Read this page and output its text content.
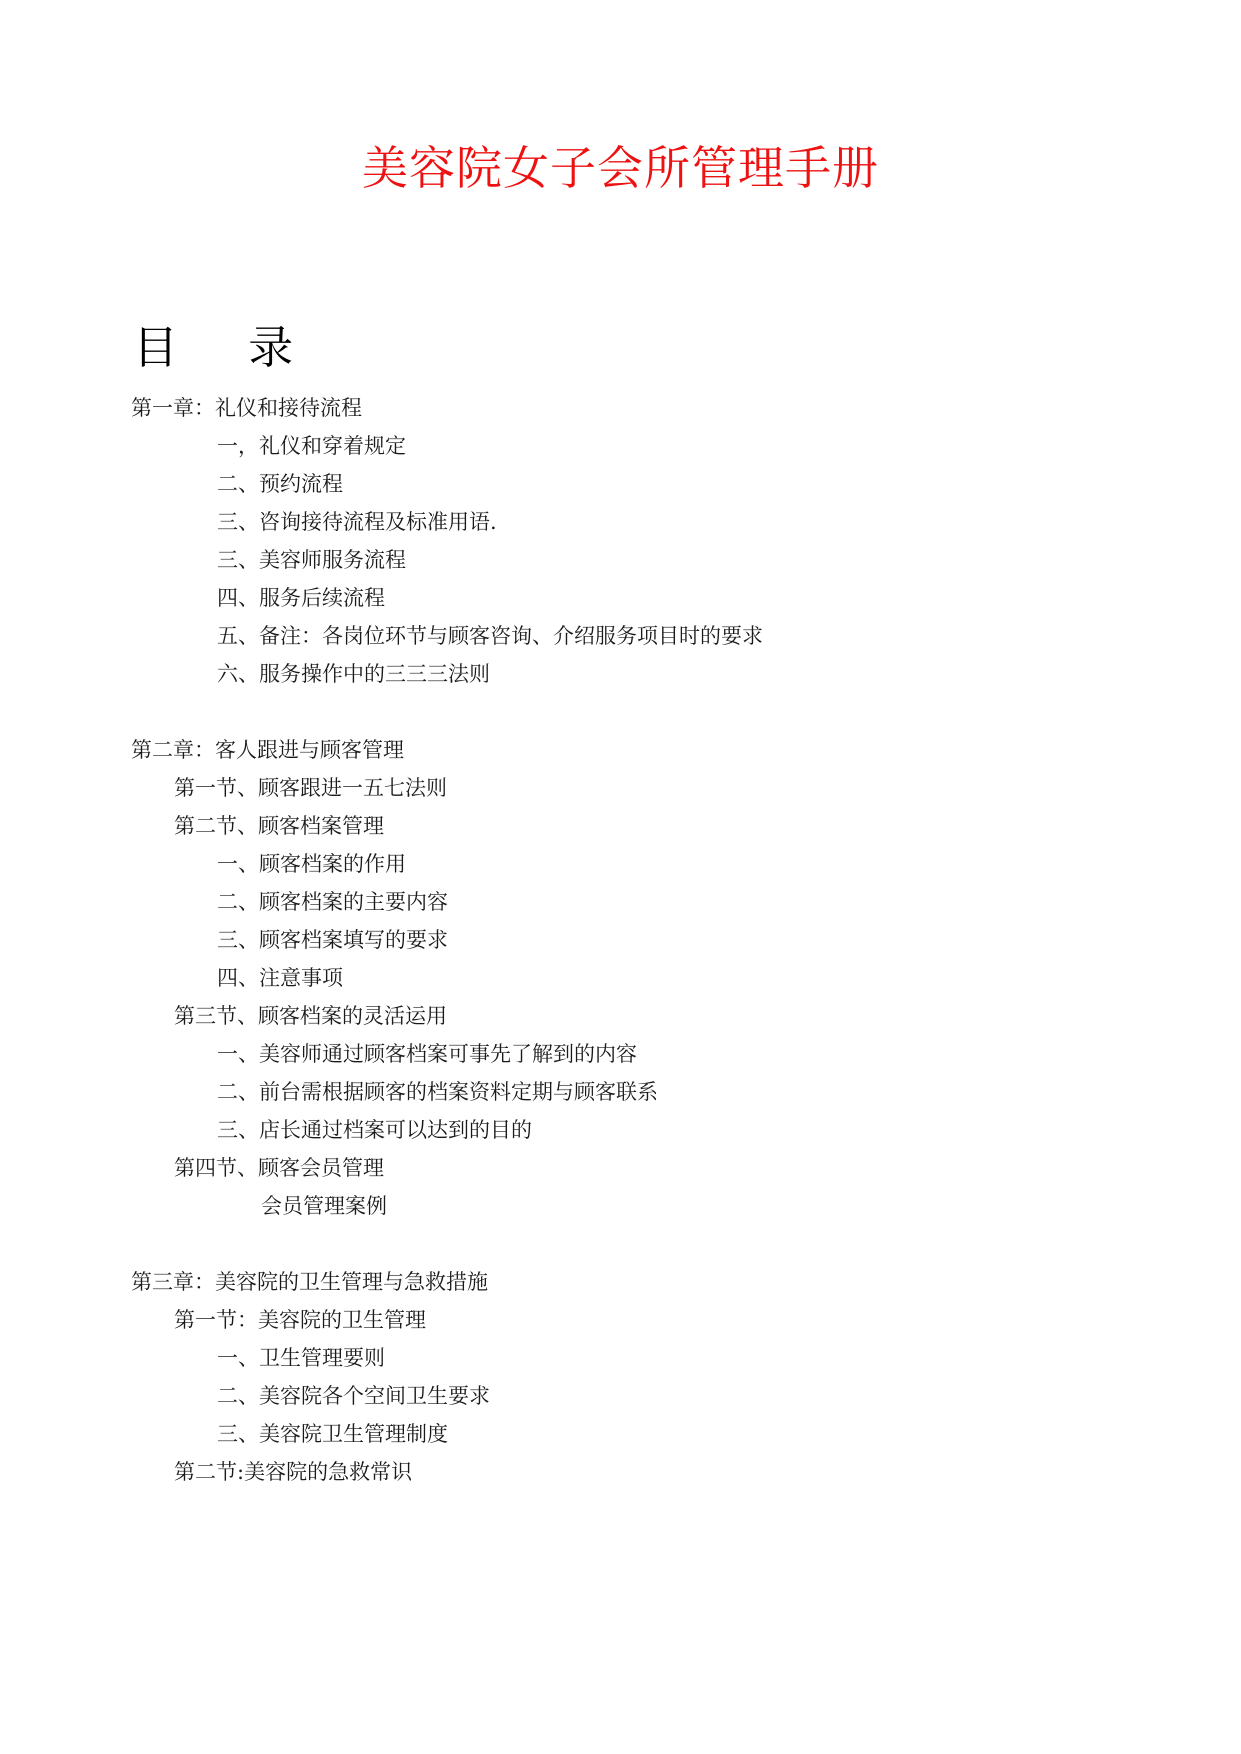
美容院女子会所管理手册
目 录
第一章：礼仪和接待流程
一，礼仪和穿着规定
二、预约流程
三、咨询接待流程及标准用语.
三、美容师服务流程
四、服务后续流程
五、备注：各岗位环节与顾客咨询、介绍服务项目时的要求
六、服务操作中的三三三法则
第二章：客人跟进与顾客管理
第一节、顾客跟进一五七法则
第二节、顾客档案管理
一、顾客档案的作用
二、顾客档案的主要内容
三、顾客档案填写的要求
四、注意事项
第三节、顾客档案的灵活运用
一、美容师通过顾客档案可事先了解到的内容
二、前台需根据顾客的档案资料定期与顾客联系
三、店长通过档案可以达到的目的
第四节、顾客会员管理
会员管理案例
第三章：美容院的卫生管理与急救措施
第一节：美容院的卫生管理
一、卫生管理要则
二、美容院各个空间卫生要求
三、美容院卫生管理制度
第二节:美容院的急救常识
